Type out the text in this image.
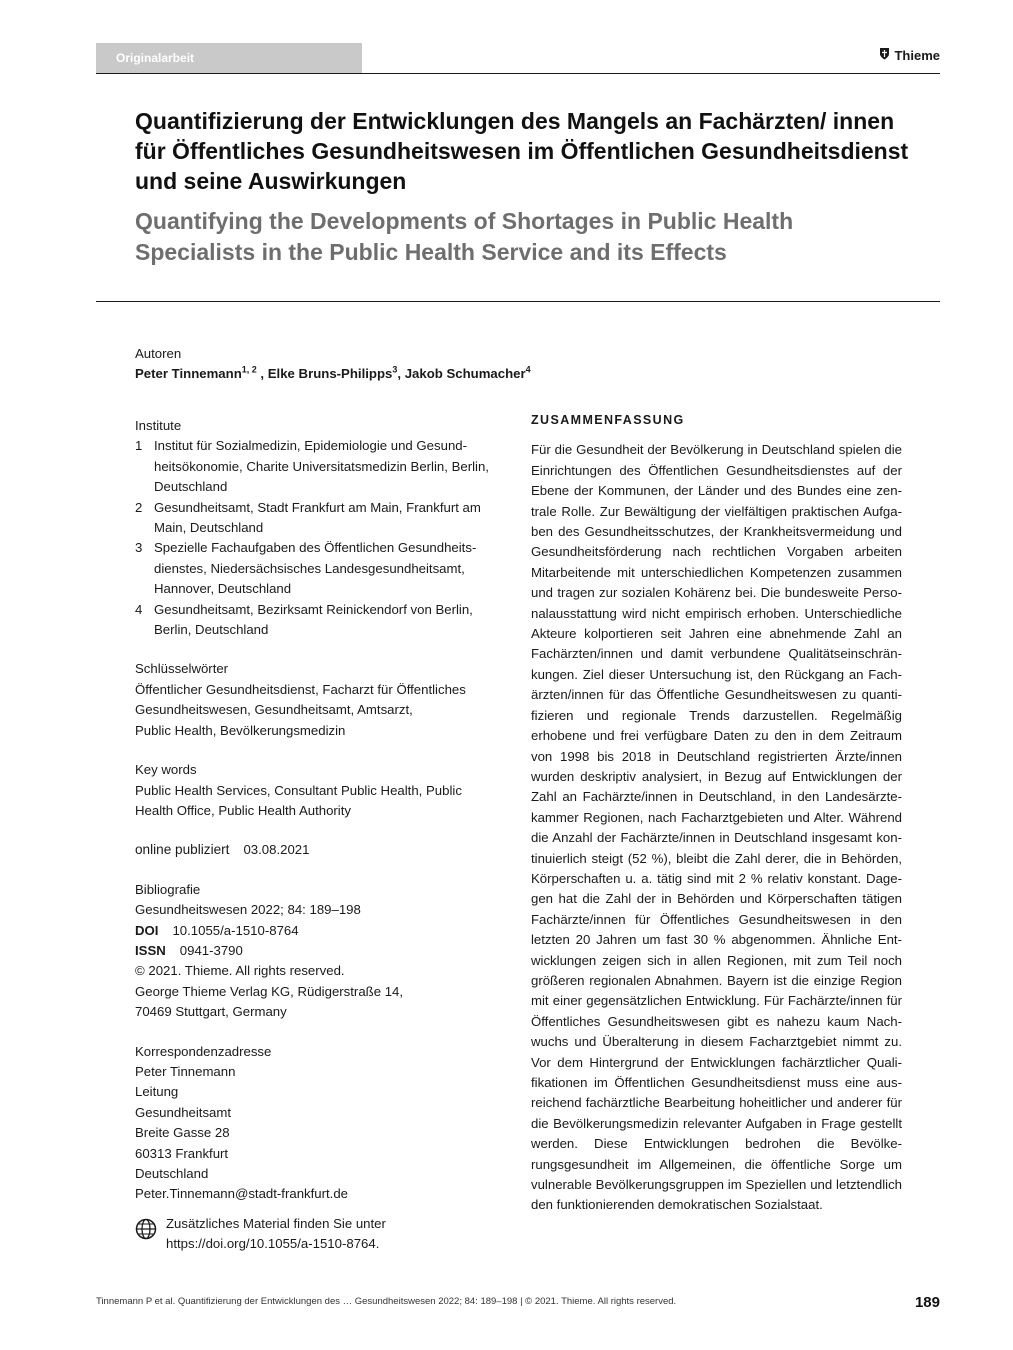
Originalarbeit	Thieme
Quantifizierung der Entwicklungen des Mangels an Fachärzten/ innen für Öffentliches Gesundheitswesen im Öffentlichen Gesundheitsdienst und seine Auswirkungen
Quantifying the Developments of Shortages in Public Health Specialists in the Public Health Service and its Effects
Autoren
Peter Tinnemann$^{1, 2}$ , Elke Bruns-Philipps$^3$, Jakob Schumacher$^4$
Institute
1 Institut für Sozialmedizin, Epidemiologie und Gesundheitsökonomie, Charite Universitatsmedizin Berlin, Berlin, Deutschland
2 Gesundheitsamt, Stadt Frankfurt am Main, Frankfurt am Main, Deutschland
3 Spezielle Fachaufgaben des Öffentlichen Gesundheitsdienstes, Niedersächsisches Landesgesundheitsamt, Hannover, Deutschland
4 Gesundheitsamt, Bezirksamt Reinickendorf von Berlin, Berlin, Deutschland
Schlüsselwörter
Öffentlicher Gesundheitsdienst, Facharzt für Öffentliches
Gesundheitswesen, Gesundheitsamt, Amtsarzt,
Public Health, Bevölkerungsmedizin
Key words
Public Health Services, Consultant Public Health, Public
Health Office, Public Health Authority
online publiziert 03.08.2021
Bibliografie
Gesundheitswesen 2022; 84: 189–198
DOI 10.1055/a-1510-8764
ISSN 0941-3790
© 2021. Thieme. All rights reserved.
George Thieme Verlag KG, Rüdigerstraße 14,
70469 Stuttgart, Germany
Korrespondenzadresse
Peter Tinnemann
Leitung
Gesundheitsamt
Breite Gasse 28
60313 Frankfurt
Deutschland
Peter.Tinnemann@stadt-frankfurt.de
Zusätzliches Material finden Sie unter
https://doi.org/10.1055/a-1510-8764.
ZUSAMMENFASSUNG

Für die Gesundheit der Bevölkerung in Deutschland spielen die Einrichtungen des Öffentlichen Gesundheitsdienstes auf der Ebene der Kommunen, der Länder und des Bundes eine zentrale Rolle. Zur Bewältigung der vielfältigen praktischen Aufgaben des Gesundheitsschutzes, der Krankheitsvermeidung und Gesundheitsförderung nach rechtlichen Vorgaben arbeiten Mitarbeitende mit unterschiedlichen Kompetenzen zusammen und tragen zur sozialen Kohärenz bei. Die bundesweite Personalausstattung wird nicht empirisch erhoben. Unterschiedliche Akteure kolportieren seit Jahren eine abnehmende Zahl an Fachärzten/innen und damit verbundene Qualitätseinschränkungen. Ziel dieser Untersuchung ist, den Rückgang an Fachärzten/innen für das Öffentliche Gesundheitswesen zu quantifizieren und regionale Trends darzustellen. Regelmäßig erhobene und frei verfügbare Daten zu den in dem Zeitraum von 1998 bis 2018 in Deutschland registrierten Ärzte/innen wurden deskriptiv analysiert, in Bezug auf Entwicklungen der Zahl an Fachärzte/innen in Deutschland, in den Landesärztekammer Regionen, nach Facharztgebieten und Alter. Während die Anzahl der Fachärzte/innen in Deutschland insgesamt kontinuierlich steigt (52 %), bleibt die Zahl derer, die in Behörden, Körperschaften u. a. tätig sind mit 2 % relativ konstant. Dagegen hat die Zahl der in Behörden und Körperschaften tätigen Fachärzte/innen für Öffentliches Gesundheitswesen in den letzten 20 Jahren um fast 30 % abgenommen. Ähnliche Entwicklungen zeigen sich in allen Regionen, mit zum Teil noch größeren regionalen Abnahmen. Bayern ist die einzige Region mit einer gegensätzlichen Entwicklung. Für Fachärzte/innen für Öffentliches Gesundheitswesen gibt es nahezu kaum Nachwuchs und Überalterung in diesem Facharztgebiet nimmt zu. Vor dem Hintergrund der Entwicklungen fachärztlicher Qualifikationen im Öffentlichen Gesundheitsdienst muss eine ausreichend fachärztliche Bearbeitung hoheitlicher und anderer für die Bevölkerungsmedizin relevanter Aufgaben in Frage gestellt werden. Diese Entwicklungen bedrohen die Bevölkerungsgesundheit im Allgemeinen, die öffentliche Sorge um vulnerable Bevölkerungsgruppen im Speziellen und letztendlich den funktionierenden demokratischen Sozialstaat.

Tinnemann P et al. Quantifizierung der Entwicklungen des … Gesundheitswesen 2022; 84: 189–198 | © 2021. Thieme. All rights reserved.	189
